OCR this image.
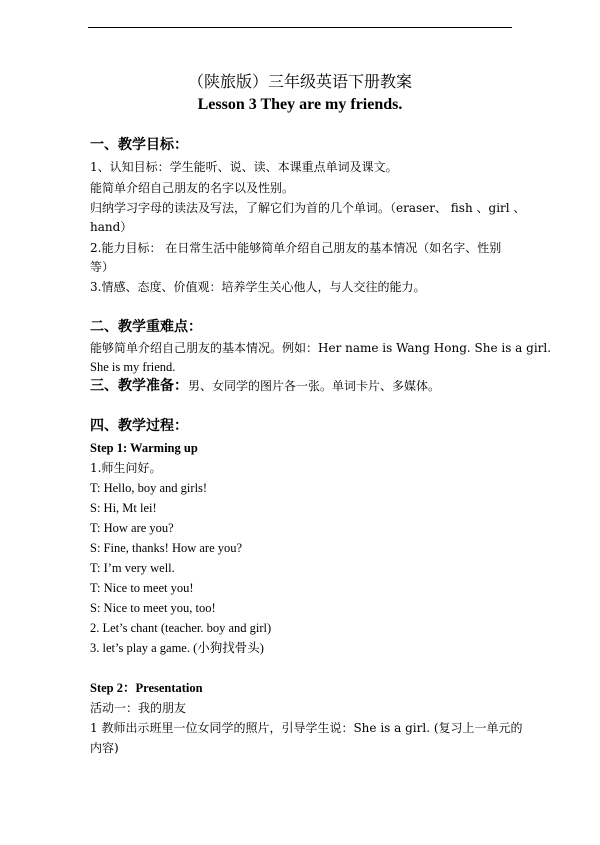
（陕旅版）三年级英语下册教案
Lesson 3 They are my friends.
一、教学目标：
1、认知目标：学生能听、说、读、本课重点单词及课文。
能简单介绍自己朋友的名字以及性别。
归纳学习字母的读法及写法，了解它们为首的几个单词。（eraser、 fish 、girl 、
hand）
2.能力目标： 在日常生活中能够简单介绍自己朋友的基本情况（如名字、性别
等）
3.情感、态度、价值观：培养学生关心他人，与人交往的能力。
二、教学重难点：
能够简单介绍自己朋友的基本情况。例如：Her name is Wang Hong. She is a girl.
She is my friend.
三、教学准备：男、女同学的图片各一张。单词卡片、多媒体。
四、教学过程：
Step 1: Warming up
1.师生问好。
T: Hello, boy and girls!
S: Hi, Mt lei!
T: How are you?
S: Fine, thanks! How are you?
T: I’m very well.
T: Nice to meet you!
S: Nice to meet you, too!
2. Let’s chant (teacher. boy and girl)
3. let’s play a game. (小狗找骨头)
Step 2：Presentation
活动一：我的朋友
1 教师出示班里一位女同学的照片，引导学生说：She is a girl. (复习上一单元的
内容)
